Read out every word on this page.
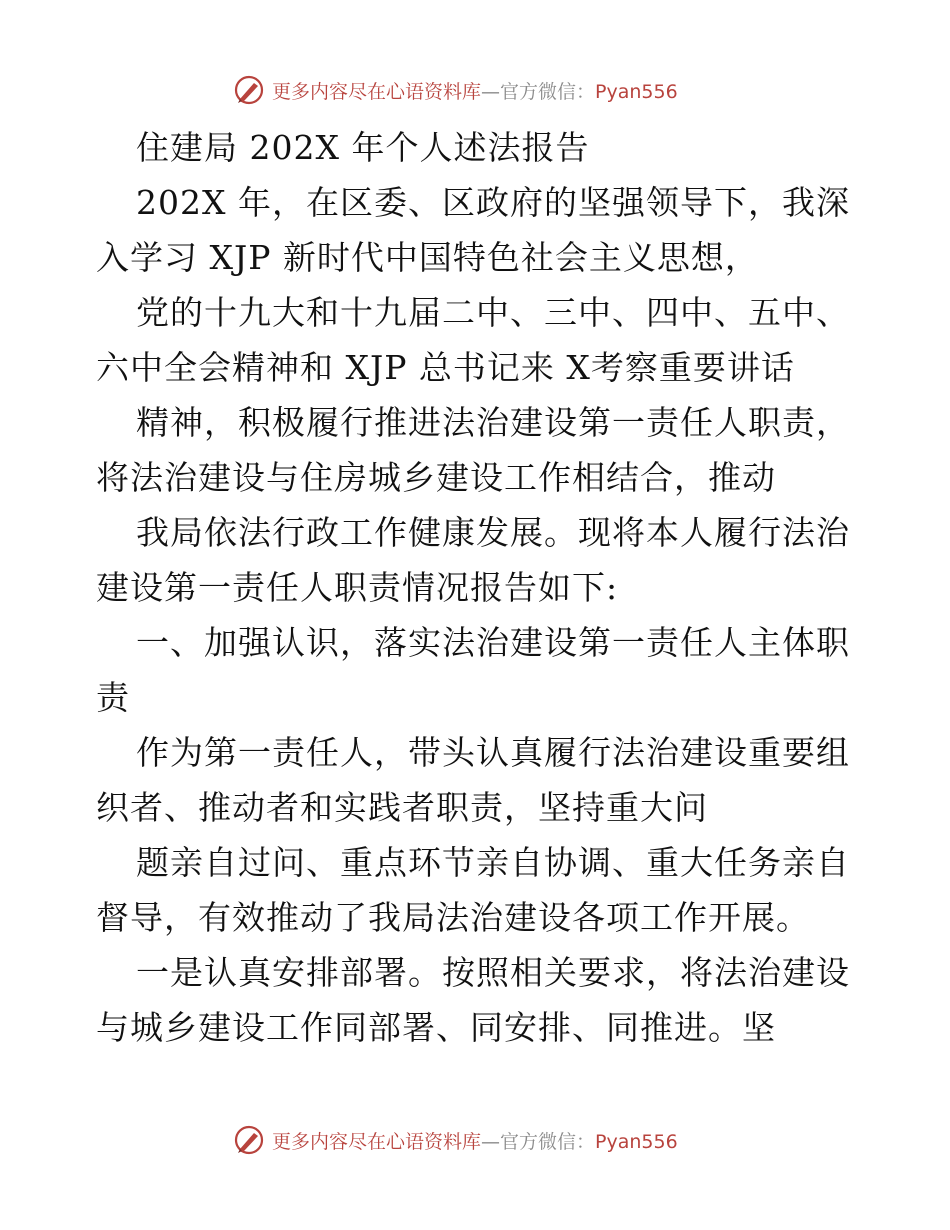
更多内容尽在心语资料库—官方微信：Pyan556
住建局 202X 年个人述法报告
202X 年，在区委、区政府的坚强领导下，我深
入学习 XJP 新时代中国特色社会主义思想，
党的十九大和十九届二中、三中、四中、五中、
六中全会精神和 XJP 总书记来 X考察重要讲话
精神，积极履行推进法治建设第一责任人职责，
将法治建设与住房城乡建设工作相结合，推动
我局依法行政工作健康发展。现将本人履行法治
建设第一责任人职责情况报告如下:
一、加强认识，落实法治建设第一责任人主体职
责
作为第一责任人，带头认真履行法治建设重要组
织者、推动者和实践者职责，坚持重大问
题亲自过问、重点环节亲自协调、重大任务亲自
督导，有效推动了我局法治建设各项工作开展。
一是认真安排部署。按照相关要求，将法治建设
与城乡建设工作同部署、同安排、同推进。坚
更多内容尽在心语资料库—官方微信：Pyan556
